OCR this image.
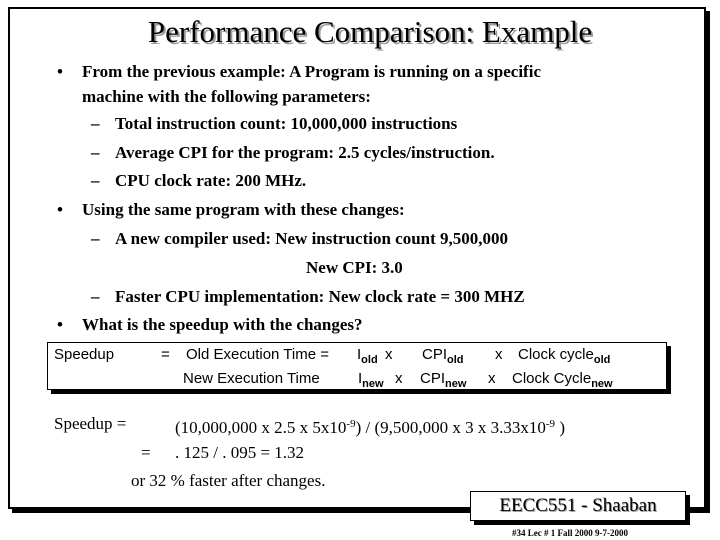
Performance Comparison: Example
• From the previous example: A Program is running on a specific
machine with the following parameters:
– Total instruction count: 10,000,000 instructions
– Average CPI for the program: 2.5 cycles/instruction.
– CPU clock rate: 200 MHz.
• Using the same program with these changes:
– A new compiler used: New instruction count 9,500,000
New CPI: 3.0
– Faster CPU implementation: New clock rate = 300 MHZ
• What is the speedup with the changes?
Speedup	= Old Execution Time = $I_{old}$ x $CPI_{old}$ x Clock cycle$_{old}$
New Execution Time	$I_{new}$ x $CPI_{new}$ x Clock Cycle$_{new}$
Speedup =	(10,000,000 x 2.5 x $5x10^{-9}) / (9,500,000$ x 3 x $3.33x10^{-9}$ )
= . 125 / . 095 = 1.32
or 32 % faster after changes.
EECC551 - Shaaban
#34 Lec # 1 Fall 2000 9-7-2000
